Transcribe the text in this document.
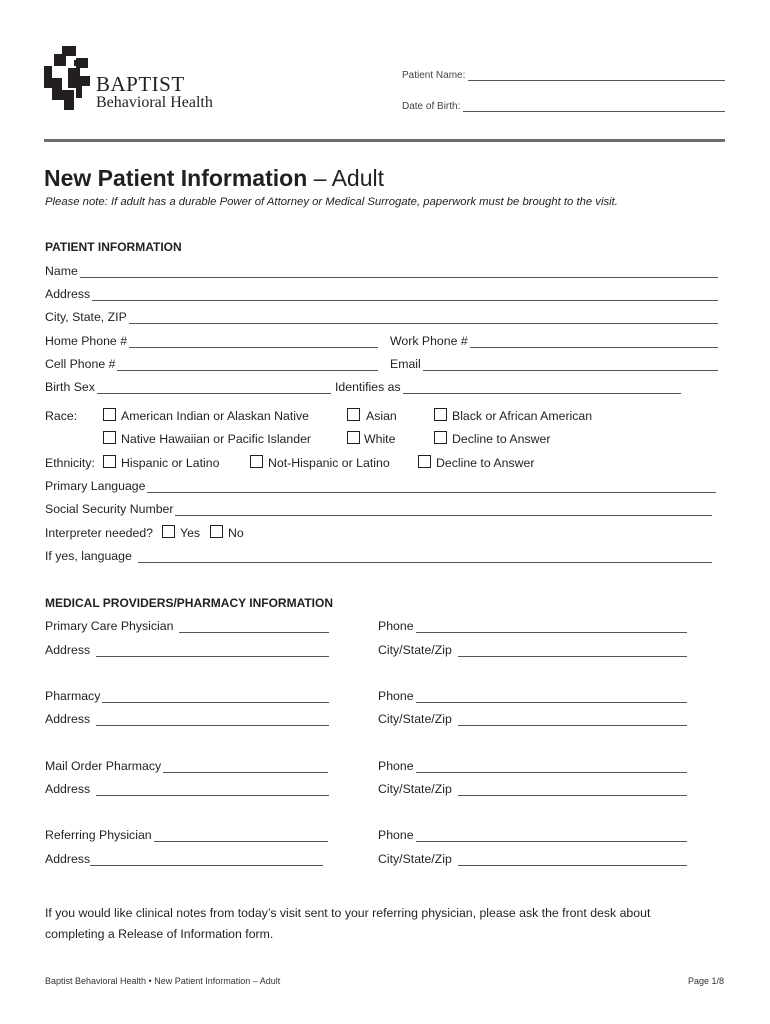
BAPTIST
Behavioral Health
Patient Name:
Date of Birth:
New Patient Information – Adult
Please note: If adult has a durable Power of Attorney or Medical Surrogate, paperwork must be brought to the visit.
PATIENT INFORMATION
Name
Address
City, State, ZIP
Home Phone #	Work Phone #
Cell Phone #	Email
Birth Sex	Identifies as
Race:	American Indian or Alaskan Native	Asian	Black or African American
Native Hawaiian or Pacific Islander	White	Decline to Answer
Ethnicity: Hispanic or Latino	Not-Hispanic or Latino	Decline to Answer
Primary Language
Social Security Number
Interpreter needed? Yes No
If yes, language
MEDICAL PROVIDERS/PHARMACY INFORMATION
Primary Care Physician	Phone
Address	City/State/Zip
Pharmacy	Phone
Address	City/State/Zip
Mail Order Pharmacy	Phone
Address	City/State/Zip
Referring Physician	Phone
Address	City/State/Zip
If you would like clinical notes from today’s visit sent to your referring physician, please ask the front desk about
completing a Release of Information form.
Baptist Behavioral Health • New Patient Information – Adult	Page 1/8
